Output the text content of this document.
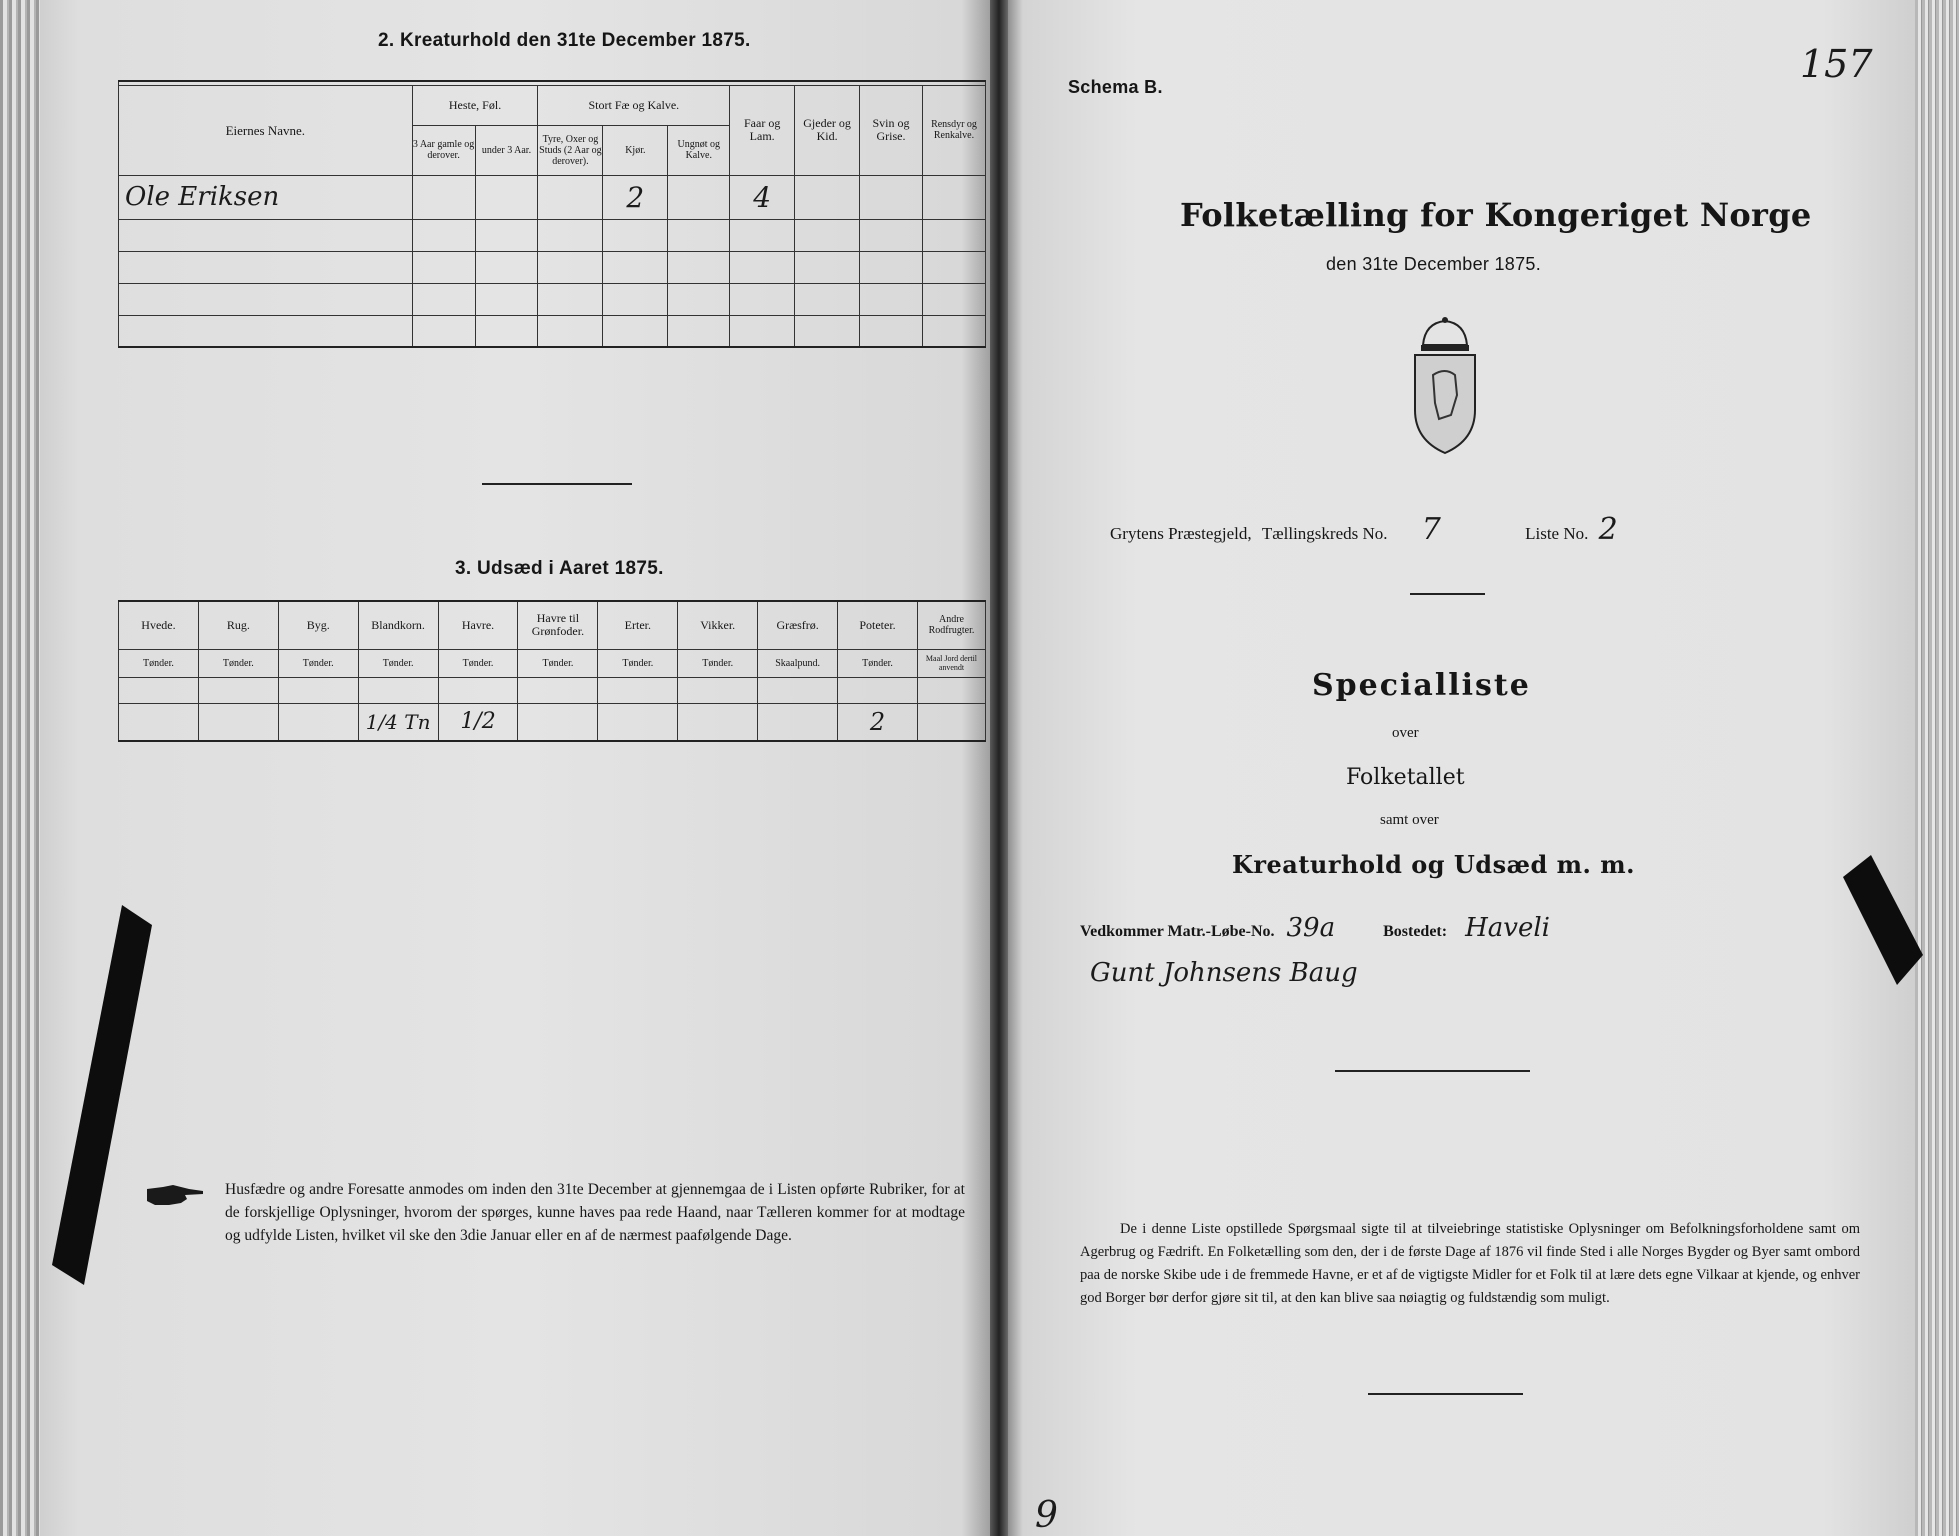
2. Kreaturhold den 31te December 1875.

Eiernes Navne.	Heste, Føl.		Stort Fæ og Kalve.			Faar og Lam.	Gjeder og Kid.	Svin og Grise.	Rensdyr og Renkalve.
	3 Aar gamle og derover.	under 3 Aar.	Tyre, Oxer og Studs (2 Aar og derover).	Kjør.	Ungnøt og Kalve.				
Ole Eriksen				2		4			

3. Udsæd i Aaret 1875.
Hvede.	Rug.	Byg.	Blandkorn.	Havre.	Havre til Grønfoder.	Erter.	Vikker.	Græsfrø.	Poteter.	Andre Rodfrugter.
Tønder.	Tønder.	Tønder.	Tønder.	Tønder.	Tønder.	Tønder.	Tønder.	Skaalpund.	Tønder.	Maal Jord dertil anvendt

			1/4 Tn	1/2					2	
Husfædre og andre Foresatte anmodes om inden den 31te December at gjennemgaa de i Listen opførte Rubriker, for at de forskjellige Oplysninger, hvorom der spørges, kunne haves paa rede Haand, naar Tælleren kommer for at modtage og udfylde Listen, hvilket vil ske den 3die Januar eller en af de nærmest paafølgende Dage.
9
Schema B.
157
Folketælling for Kongeriget Norge
den 31te December 1875.
Grytens Præstegjeld, Tællingskreds No. 7	Liste No. 2
Specialliste
over
Folketallet
samt over
Kreaturhold og Udsæd m. m.
Vedkommer Matr.-Løbe-No. 39a	Bostedet: Haveli
Gunt Johnsens Baug
De i denne Liste opstillede Spørgsmaal sigte til at tilveiebringe statistiske Oplysninger om Befolkningsforholdene samt om Agerbrug og Fædrift. En Folketælling som den, der i de første Dage af 1876 vil finde Sted i alle Norges Bygder og Byer samt ombord paa de norske Skibe ude i de fremmede Havne, er et af de vigtigste Midler for et Folk til at lære dets egne Vilkaar at kjende, og enhver god Borger bør derfor gjøre sit til, at den kan blive saa nøiagtig og fuldstændig som muligt.
